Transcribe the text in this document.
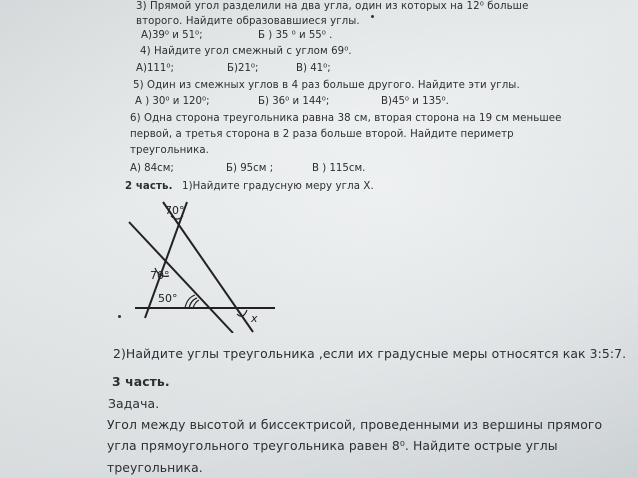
3) Прямой угол разделили на два угла, один из которых на 12⁰ больше
второго. Найдите образовавшиеся углы.
А)39⁰ и 51⁰;	Б ) 35 ⁰ и 55⁰ .
4) Найдите угол смежный с углом 69⁰.
А)111⁰;	Б)21⁰;	В) 41⁰;
5) Один из смежных углов в 4 раз больше другого. Найдите эти углы.
А ) 30⁰ и 120⁰;	Б) 36⁰ и 144⁰;	В)45⁰ и 135⁰.
6) Одна сторона треугольника равна 38 см, вторая сторона на 19 см меньшее
первой, а третья сторона в 2 раза больше второй. Найдите периметр
треугольника.
А) 84см;	Б) 95см ;	В ) 115см.
2 часть. 1)Найдите градусную меру угла X.
70°
70°
50°
x
2)Найдите углы треугольника ,если их градусные меры относятся как 3:5:7.
3 часть.
Задача.
Угол между высотой и биссектрисой, проведенными из вершины прямого
угла прямоугольного треугольника равен 8⁰. Найдите острые углы
треугольника.
